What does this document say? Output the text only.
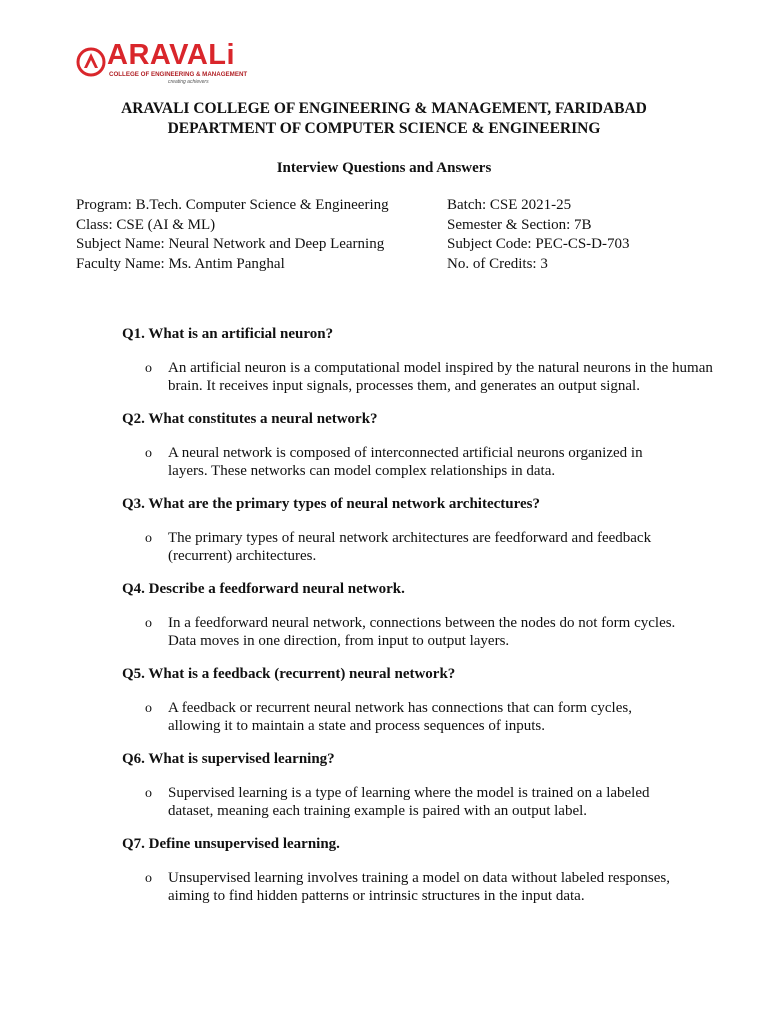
ARAVALi
COLLEGE OF ENGINEERING & MANAGEMENT
creating achievers
ARAVALI COLLEGE OF ENGINEERING & MANAGEMENT, FARIDABAD
DEPARTMENT OF COMPUTER SCIENCE & ENGINEERING
Interview Questions and Answers
Program: B.Tech. Computer Science & Engineering
Class: CSE (AI & ML)
Subject Name: Neural Network and Deep Learning
Faculty Name: Ms. Antim Panghal
Batch: CSE 2021-25
Semester & Section: 7B
Subject Code: PEC-CS-D-703
No. of Credits: 3
Q1. What is an artificial neuron?
o An artificial neuron is a computational model inspired by the natural neurons in the human brain. It receives input signals, processes them, and generates an output signal.
Q2. What constitutes a neural network?
o A neural network is composed of interconnected artificial neurons organized in layers. These networks can model complex relationships in data.
Q3. What are the primary types of neural network architectures?
o The primary types of neural network architectures are feedforward and feedback (recurrent) architectures.
Q4. Describe a feedforward neural network.
o In a feedforward neural network, connections between the nodes do not form cycles. Data moves in one direction, from input to output layers.
Q5. What is a feedback (recurrent) neural network?
o A feedback or recurrent neural network has connections that can form cycles, allowing it to maintain a state and process sequences of inputs.
Q6. What is supervised learning?
o Supervised learning is a type of learning where the model is trained on a labeled dataset, meaning each training example is paired with an output label.
Q7. Define unsupervised learning.
o Unsupervised learning involves training a model on data without labeled responses, aiming to find hidden patterns or intrinsic structures in the input data.
